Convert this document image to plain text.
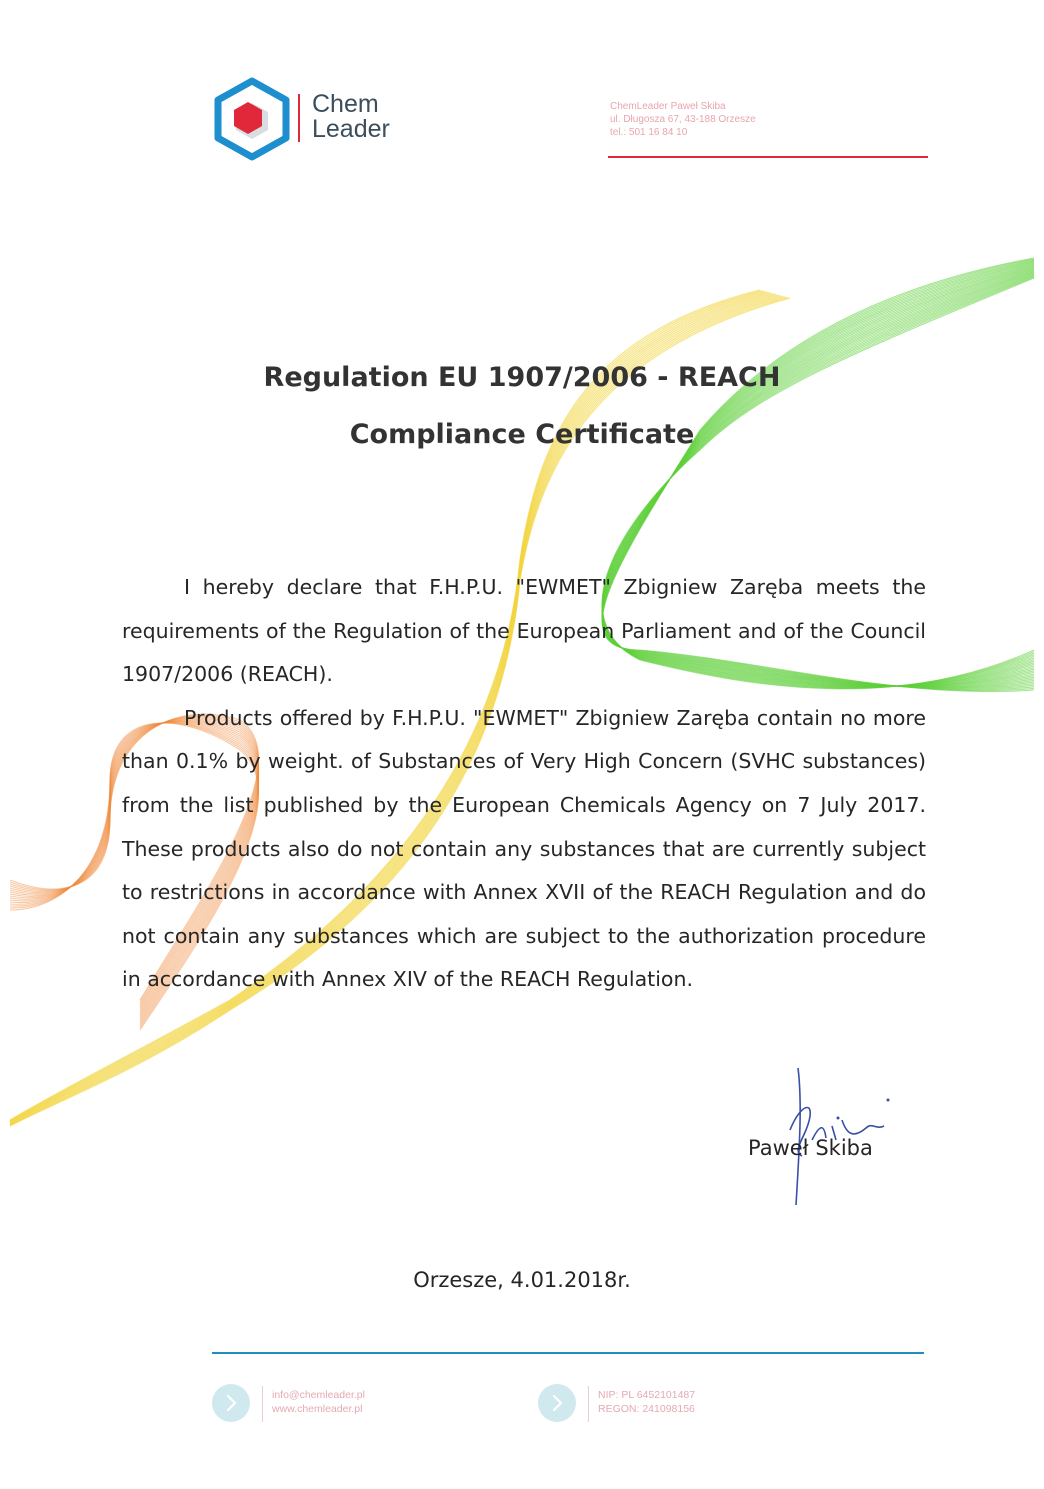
Chem
Leader
ChemLeader Paweł Skiba
ul. Długosza 67, 43-188 Orzesze
tel.: 501 16 84 10
Regulation EU 1907/2006 - REACH
Compliance Certificate

I hereby declare that F.H.P.U. "EWMET" Zbigniew Zaręba meets the requirements of the Regulation of the European Parliament and of the Council 1907/2006 (REACH).

Products offered by F.H.P.U. "EWMET" Zbigniew Zaręba contain no more than 0.1% by weight. of Substances of Very High Concern (SVHC substances) from the list published by the European Chemicals Agency on 7 July 2017. These products also do not contain any substances that are currently subject to restrictions in accordance with Annex XVII of the REACH Regulation and do not contain any substances which are subject to the authorization procedure in accordance with Annex XIV of the REACH Regulation.

Paweł Skiba
Orzesze, 4.01.2018r.
info@chemleader.pl
www.chemleader.pl
NIP: PL 6452101487
REGON: 241098156
